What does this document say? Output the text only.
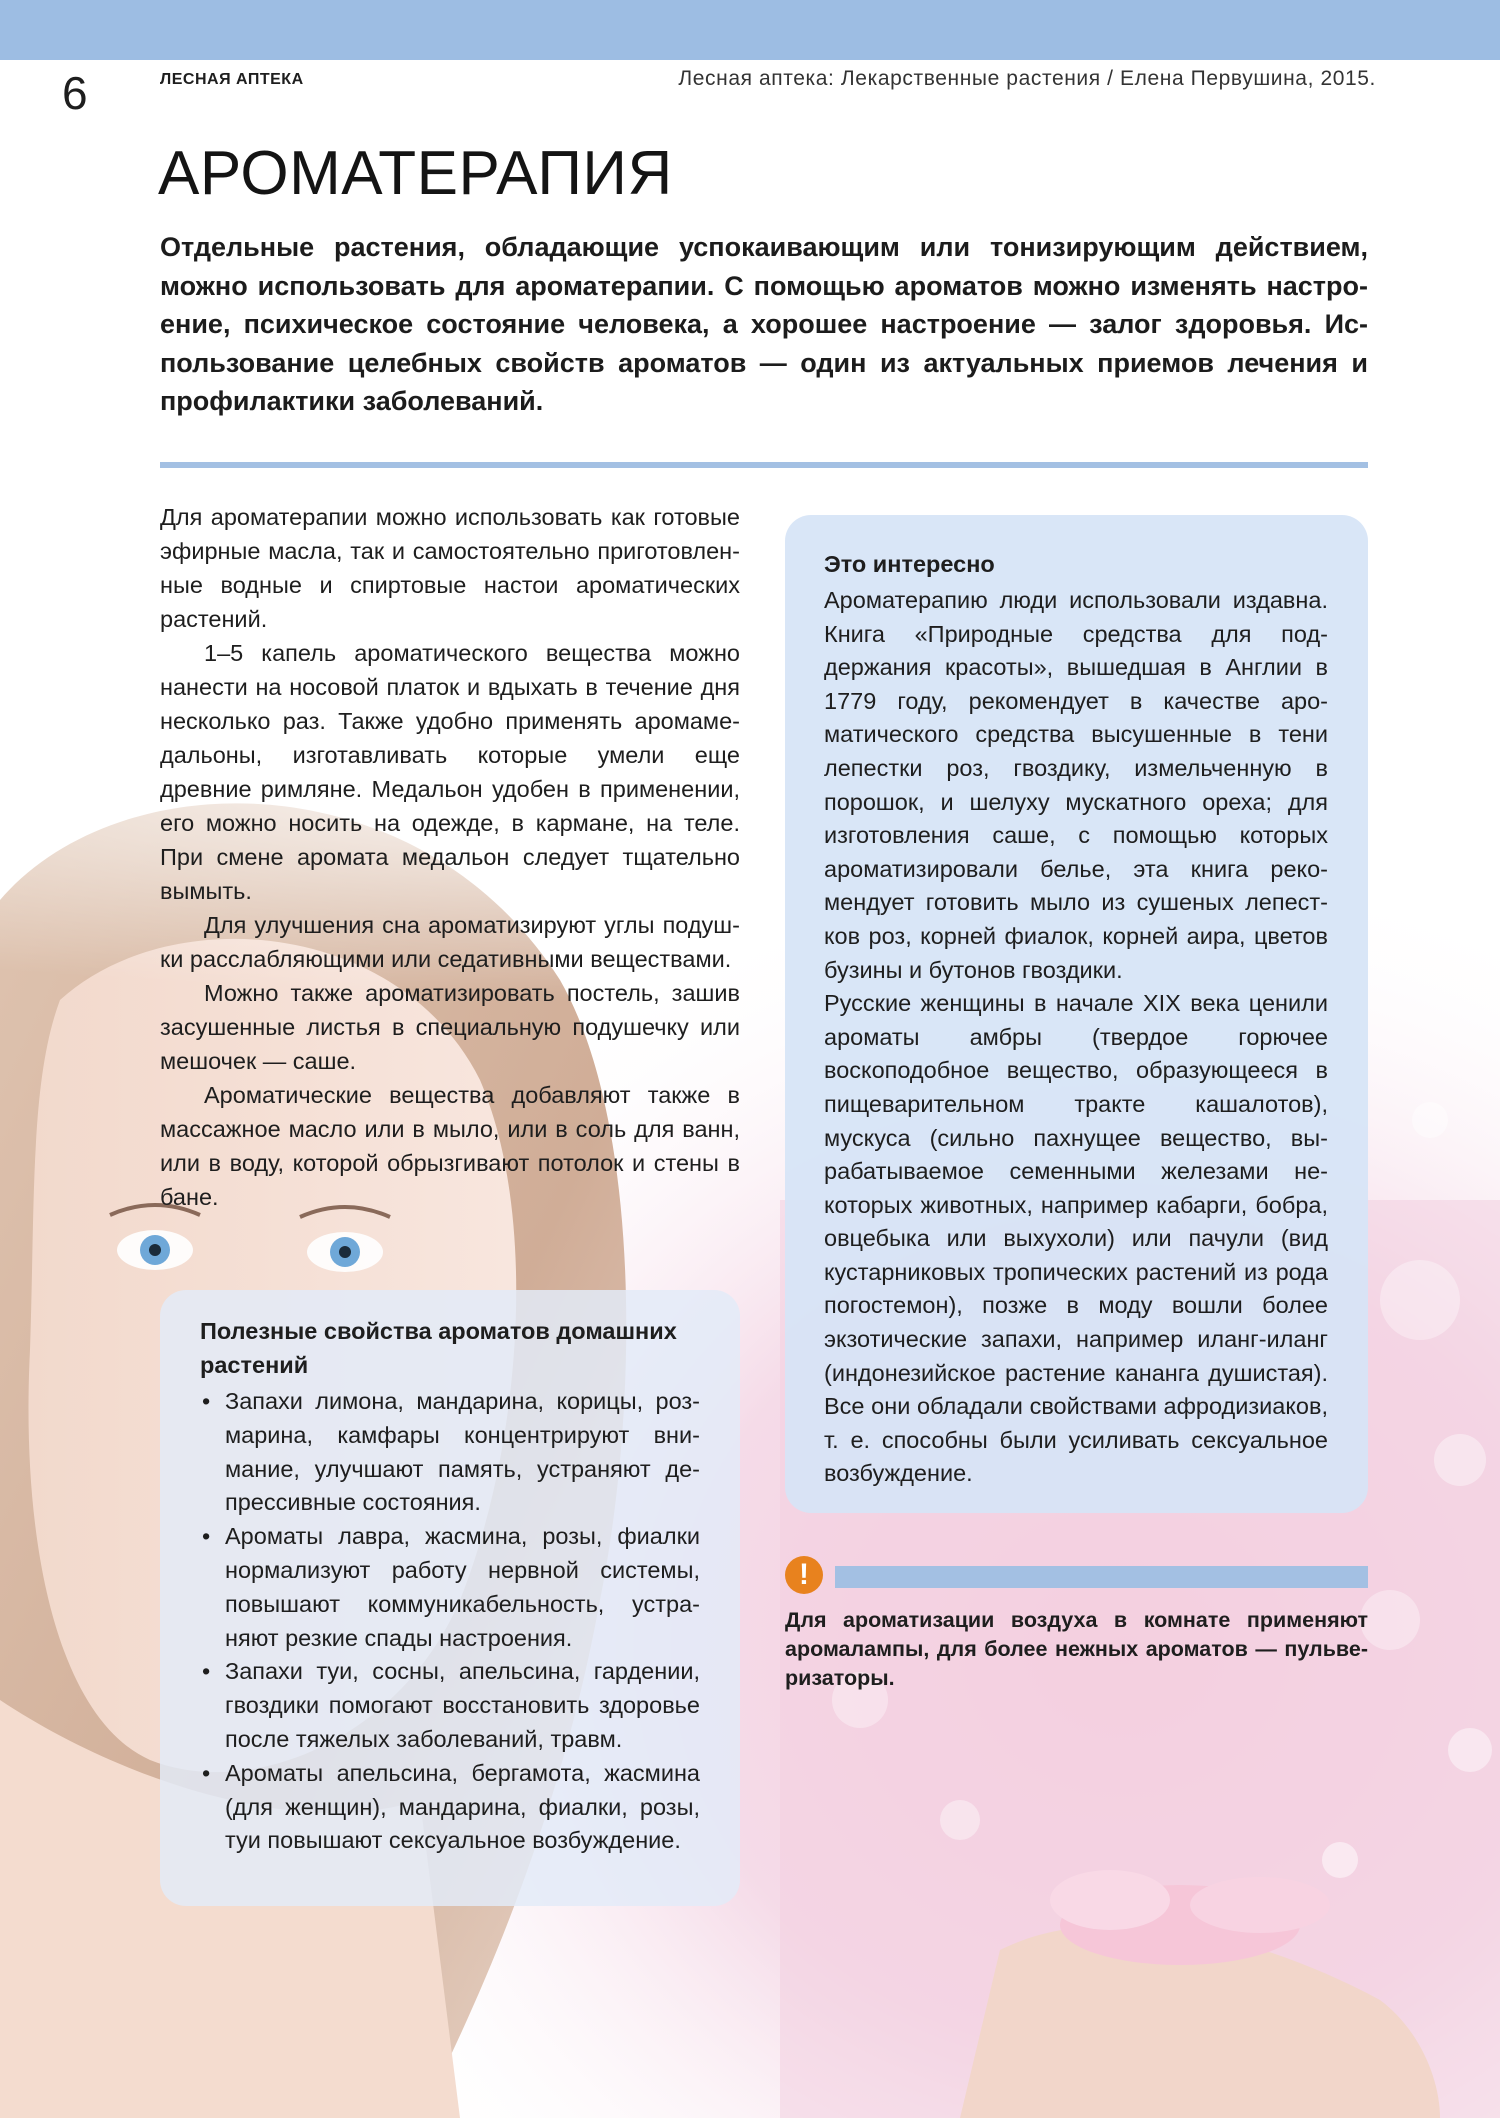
6	ЛЕСНАЯ АПТЕКА	Лесная аптека: Лекарственные растения / Елена Первушина, 2015.
АРОМАТЕРАПИЯ

Отдельные растения, обладающие успокаивающим или тонизирующим действием, можно использовать для ароматерапии. С помощью ароматов можно изменять настроение, психическое состояние человека, а хорошее настроение — залог здоровья. Использование целебных свойств ароматов — один из актуальных приемов лечения и профилактики заболеваний.

Для ароматерапии можно использовать как готовые эфирные масла, так и самостоятельно приготовленные водные и спиртовые настои ароматических растений.

1–5 капель ароматического вещества можно нанести на носовой платок и вдыхать в течение дня несколько раз. Также удобно применять аромамедальоны, изготавливать которые умели еще древние римляне. Медальон удобен в применении, его можно носить на одежде, в кармане, на теле. При смене аромата медальон следует тщательно вымыть.

Для улучшения сна ароматизируют углы подушки расслабляющими или седативными веществами.

Можно также ароматизировать постель, зашив засушенные листья в специальную подушечку или мешочек — саше.

Ароматические вещества добавляют также в массажное масло или в мыло, или в соль для ванн, или в воду, которой обрызгивают потолок и стены в бане.

Это интересно

Ароматерапию люди использовали издавна. Книга «Природные средства для поддержания красоты», вышедшая в Англии в 1779 году, рекомендует в качестве ароматического средства высушенные в тени лепестки роз, гвоздику, измельченную в порошок, и шелуху мускатного ореха; для изготовления саше, с помощью которых ароматизировали белье, эта книга рекомендует готовить мыло из сушеных лепестков роз, корней фиалок, корней аира, цветов бузины и бутонов гвоздики.

Русские женщины в начале XIX века ценили ароматы амбры (твердое горючее воскоподобное вещество, образующееся в пищеварительном тракте кашалотов), мускуса (сильно пахнущее вещество, вырабатываемое семенными железами некоторых животных, например кабарги, бобра, овцебыка или выхухоли) или пачули (вид кустарниковых тропических растений из рода погостемон), позже в моду вошли более экзотические запахи, например иланг-иланг (индонезийское растение кананга душистая). Все они обладали свойствами афродизиаков, т. е. способны были усиливать сексуальное возбуждение.

Полезные свойства ароматов домашних растений
• Запахи лимона, мандарина, корицы, розмарина, камфары концентрируют внимание, улучшают память, устраняют депрессивные состояния.
• Ароматы лавра, жасмина, розы, фиалки нормализуют работу нервной системы, повышают коммуникабельность, устраняют резкие спады настроения.
• Запахи туи, сосны, апельсина, гардении, гвоздики помогают восстановить здоровье после тяжелых заболеваний, травм.
• Ароматы апельсина, бергамота, жасмина (для женщин), мандарина, фиалки, розы, туи повышают сексуальное возбуждение.
!

Для ароматизации воздуха в комнате применяют аромалампы, для более нежных ароматов — пульверизаторы.
